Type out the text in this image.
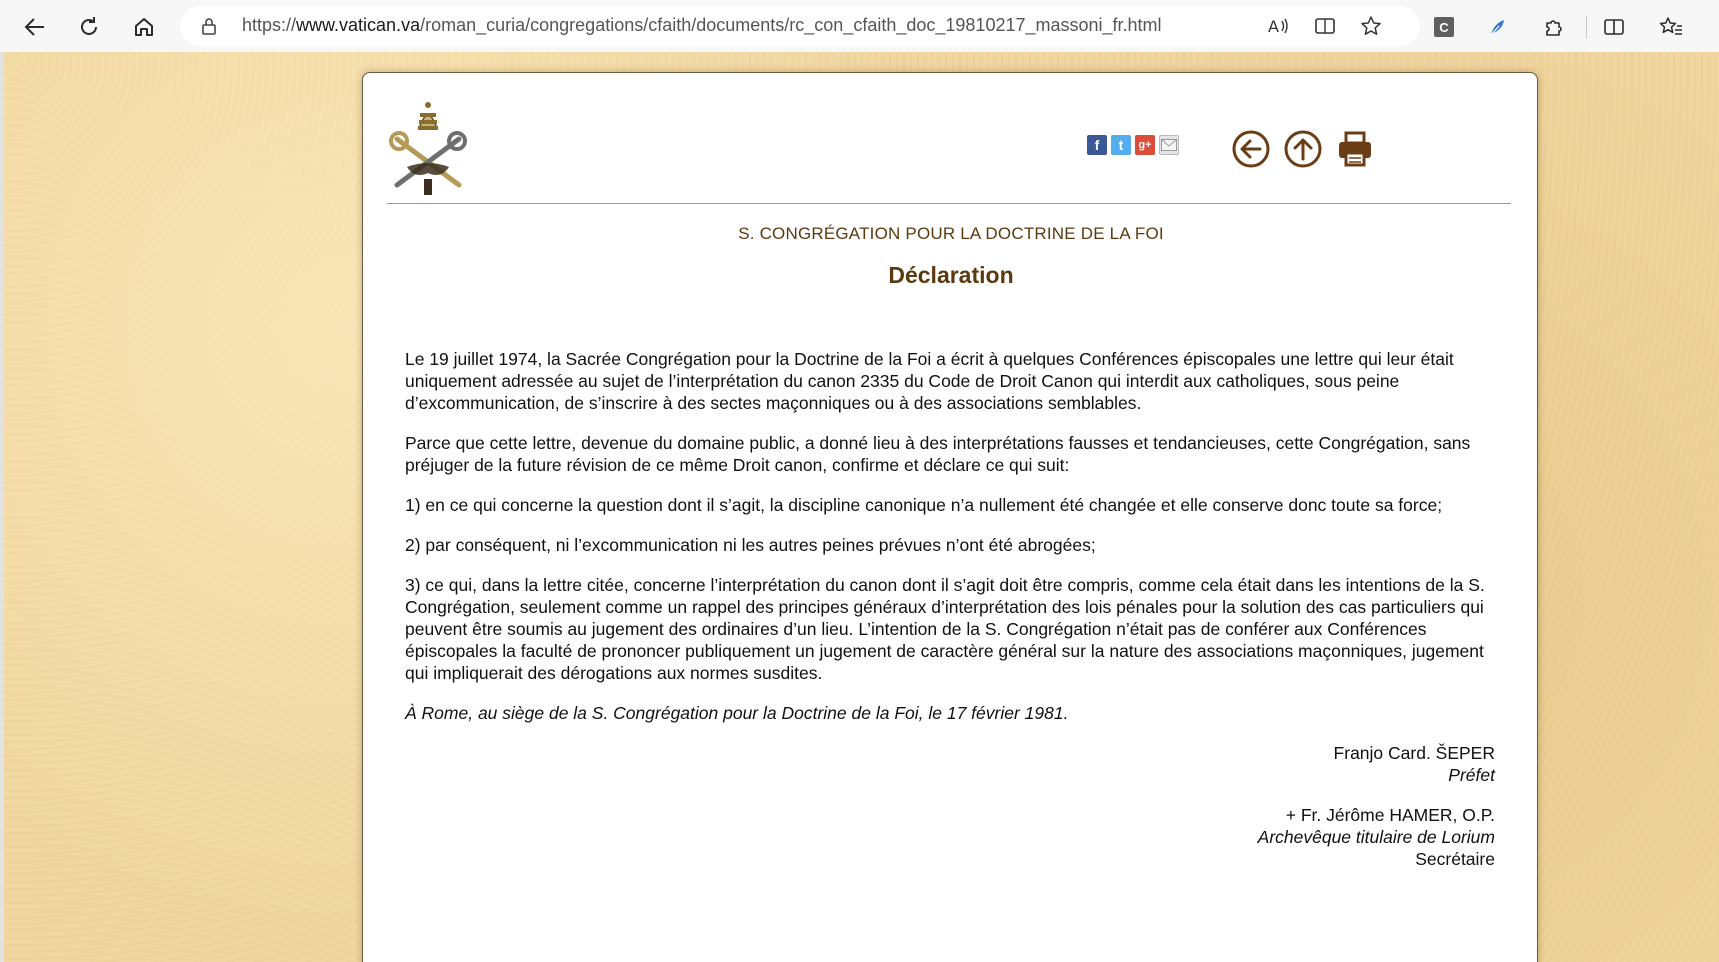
https://www.vatican.va/roman_curia/congregations/cfaith/documents/rc_con_cfaith_doc_19810217_massoni_fr.html	A	C
f t g+
S. CONGRÉGATION POUR LA DOCTRINE DE LA FOI
Déclaration

Le 19 juillet 1974, la Sacrée Congrégation pour la Doctrine de la Foi a écrit à quelques Conférences épiscopales une lettre qui leur était uniquement adressée au sujet de l’interprétation du canon 2335 du Code de Droit Canon qui interdit aux catholiques, sous peine d’excommunication, de s’inscrire à des sectes maçonniques ou à des associations semblables.

Parce que cette lettre, devenue du domaine public, a donné lieu à des interprétations fausses et tendancieuses, cette Congrégation, sans préjuger de la future révision de ce même Droit canon, confirme et déclare ce qui suit:

1) en ce qui concerne la question dont il s’agit, la discipline canonique n’a nullement été changée et elle conserve donc toute sa force;

2) par conséquent, ni l’excommunication ni les autres peines prévues n’ont été abrogées;

3) ce qui, dans la lettre citée, concerne l’interprétation du canon dont il s’agit doit être compris, comme cela était dans les intentions de la S. Congrégation, seulement comme un rappel des principes généraux d’interprétation des lois pénales pour la solution des cas particuliers qui peuvent être soumis au jugement des ordinaires d’un lieu. L’intention de la S. Congrégation n’était pas de conférer aux Conférences épiscopales la faculté de prononcer publiquement un jugement de caractère général sur la nature des associations maçonniques, jugement qui impliquerait des dérogations aux normes susdites.

À Rome, au siège de la S. Congrégation pour la Doctrine de la Foi, le 17 février 1981.

Franjo Card. ŠEPER
Préfet
+ Fr. Jérôme HAMER, O.P.
Archevêque titulaire de Lorium
Secrétaire
